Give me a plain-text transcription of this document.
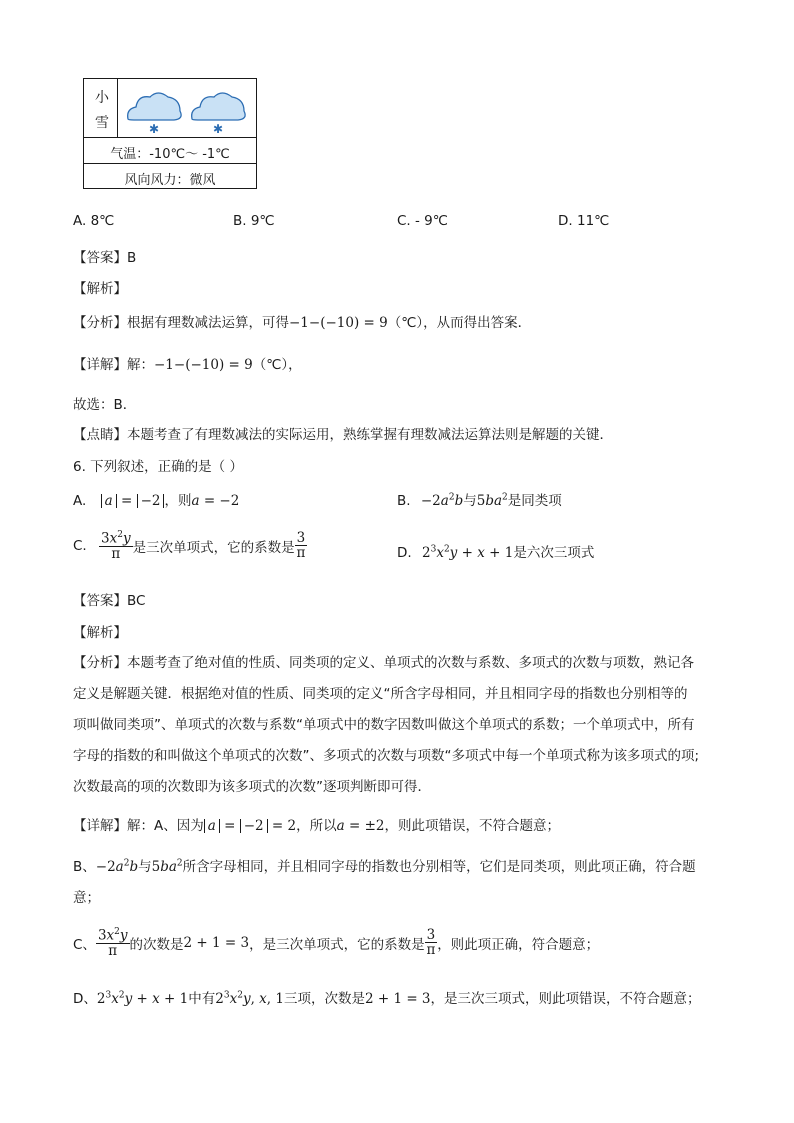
小
雪	✱	✱
气温：-10℃～ -1℃
风向风力：微风
A. 8℃	B. 9℃	C. - 9℃	D. 11℃
【答案】B
【解析】
【分析】根据有理数减法运算，可得−1−(−10) = 9（℃），从而得出答案．
【详解】解：−1−(−10) = 9（℃），
故选：B．
【点睛】本题考查了有理数减法的实际运用，熟练掌握有理数减法运算法则是解题的关键．
6. 下列叙述，正确的是（ ）
A. a = −2 ，则a = −2	B. $-2a^2b$与$5ba^2$是同类项
C. $\frac{3x^2y}{\pi}$ 是三次单项式，它的系数是 $\frac{3}{\pi}$	D. $2^3x^2y + x + 1$是六次三项式
【答案】BC
【解析】
【分析】本题考查了绝对值的性质、同类项的定义、单项式的次数与系数、多项式的次数与项数，熟记各
定义是解题关键．根据绝对值的性质、同类项的定义“所含字母相同，并且相同字母的指数也分别相等的
项叫做同类项”、单项式的次数与系数“单项式中的数字因数叫做这个单项式的系数；一个单项式中，所有
字母的指数的和叫做这个单项式的次数”、多项式的次数与项数“多项式中每一个单项式称为该多项式的项;
次数最高的项的次数即为该多项式的次数”逐项判断即可得．
【详解】解：A、因为 a = −2 = 2，所以a = ±2，则此项错误，不符合题意；
B、$-2a^2b$与$5ba^2$所含字母相同，并且相同字母的指数也分别相等，它们是同类项，则此项正确，符合题
意；
C、 $\frac{3x^2y}{\pi}$ 的次数是2 + 1 = 3，是三次单项式，它的系数是 $\frac{3}{\pi}$ ，则此项正确，符合题意；
D、$2^3x^2y + x + 1$中有$2^3x^2y$, x, 1三项，次数是2 + 1 = 3，是三次三项式，则此项错误，不符合题意；
